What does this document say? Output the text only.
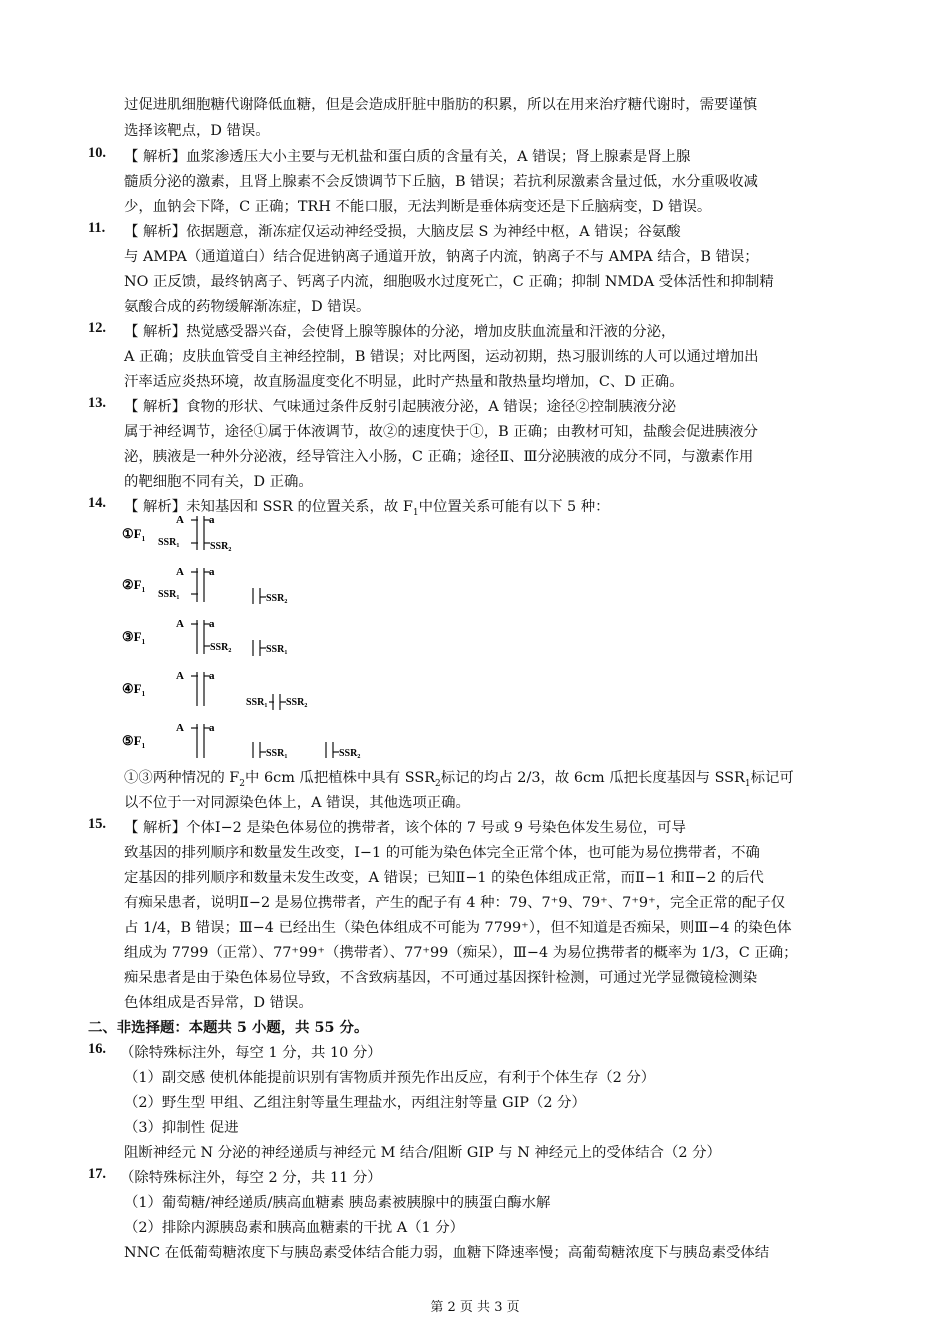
过促进肌细胞糖代谢降低血糖，但是会造成肝脏中脂肪的积累，所以在用来治疗糖代谢时，需要谨慎
选择该靶点，D 错误。
10. 【 解析】血浆渗透压大小主要与无机盐和蛋白质的含量有关，A 错误；肾上腺素是肾上腺
髓质分泌的激素，且肾上腺素不会反馈调节下丘脑，B 错误；若抗利尿激素含量过低，水分重吸收减
少，血钠会下降，C 正确；TRH 不能口服，无法判断是垂体病变还是下丘脑病变，D 错误。
11. 【 解析】依据题意，渐冻症仅运动神经受损，大脑皮层 S 为神经中枢，A 错误；谷氨酸
与 AMPA（通道道白）结合促进钠离子通道开放，钠离子内流，钠离子不与 AMPA 结合，B 错误；
NO 正反馈，最终钠离子、钙离子内流，细胞吸水过度死亡，C 正确；抑制 NMDA 受体活性和抑制精
氨酸合成的药物缓解渐冻症，D 错误。
12. 【 解析】热觉感受器兴奋，会使肾上腺等腺体的分泌，增加皮肤血流量和汗液的分泌，
A 正确；皮肤血管受自主神经控制，B 错误；对比两图，运动初期，热习服训练的人可以通过增加出
汗率适应炎热环境，故直肠温度变化不明显，此时产热量和散热量均增加，C、D 正确。
13. 【 解析】食物的形状、气味通过条件反射引起胰液分泌，A 错误；途径②控制胰液分泌
属于神经调节，途径①属于体液调节，故②的速度快于①，B 正确；由教材可知，盐酸会促进胰液分
泌，胰液是一种外分泌液，经导管注入小肠，C 正确；途径Ⅱ、Ⅲ分泌胰液的成分不同，与激素作用
的靶细胞不同有关，D 正确。
14. 【 解析】未知基因和 SSR 的位置关系，故 $F_1$中位置关系可能有以下 5 种：
$①F_1$
A a
$SSR_1$	$SSR_2$
$②F_1$
A a
$SSR_1$	$SSR_2$
$③F_1$
A a
$SSR_2$	$SSR_1$
$④F_1$
A a
$SSR_1$ $SSR_2$
$⑤F_1$
A a
$SSR_1$	$SSR_2$
①③两种情况的 $F_2$中 6cm 瓜把植株中具有 $SSR_2$标记的均占 2/3，故 6cm 瓜把长度基因与 $SSR_1$标记可
以不位于一对同源染色体上，A 错误，其他选项正确。
15. 【 解析】个体Ⅰ−2 是染色体易位的携带者，该个体的 7 号或 9 号染色体发生易位，可导
致基因的排列顺序和数量发生改变，Ⅰ−1 的可能为染色体完全正常个体，也可能为易位携带者，不确
定基因的排列顺序和数量未发生改变，A 错误；已知Ⅱ−1 的染色体组成正常，而Ⅱ−1 和Ⅱ−2 的后代
有痴呆患者，说明Ⅱ−2 是易位携带者，产生的配子有 4 种：79、7⁺9、79⁺、7⁺9⁺，完全正常的配子仅
占 1/4，B 错误；Ⅲ−4 已经出生（染色体组成不可能为 7799⁺），但不知道是否痴呆，则Ⅲ−4 的染色体
组成为 7799（正常）、77⁺99⁺（携带者）、77⁺99（痴呆），Ⅲ−4 为易位携带者的概率为 1/3，C 正确；
痴呆患者是由于染色体易位导致，不含致病基因，不可通过基因探针检测，可通过光学显微镜检测染
色体组成是否异常，D 错误。
二、非选择题：本题共 5 小题，共 55 分。
16. （除特殊标注外，每空 1 分，共 10 分）
（1）副交感 使机体能提前识别有害物质并预先作出反应，有利于个体生存（2 分）
（2）野生型 甲组、乙组注射等量生理盐水，丙组注射等量 GIP（2 分）
（3）抑制性 促进
阻断神经元 N 分泌的神经递质与神经元 M 结合/阻断 GIP 与 N 神经元上的受体结合（2 分）
17. （除特殊标注外，每空 2 分，共 11 分）
（1）葡萄糖/神经递质/胰高血糖素 胰岛素被胰腺中的胰蛋白酶水解
（2）排除内源胰岛素和胰高血糖素的干扰 A（1 分）
NNC 在低葡萄糖浓度下与胰岛素受体结合能力弱，血糖下降速率慢；高葡萄糖浓度下与胰岛素受体结
第 2 页 共 3 页
